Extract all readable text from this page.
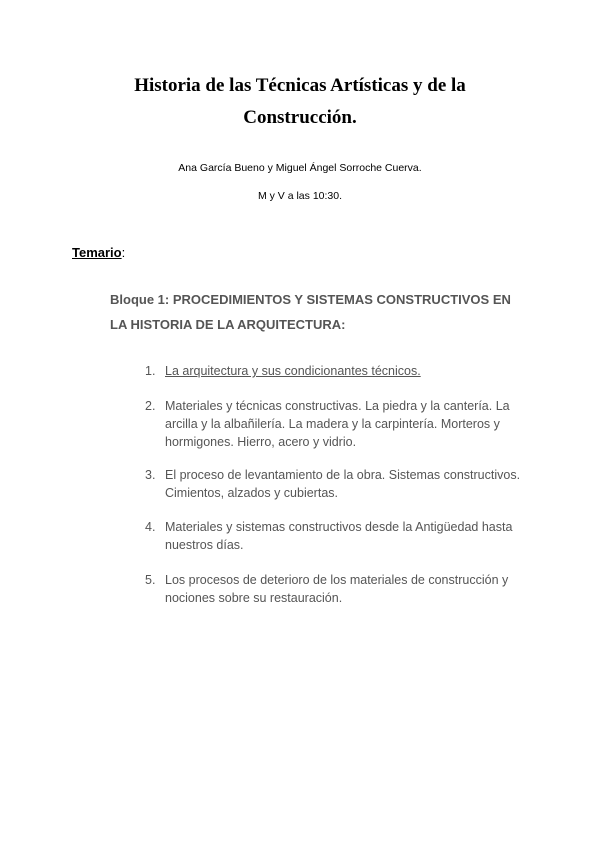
Historia de las Técnicas Artísticas y de la
Construcción.
Ana García Bueno y Miguel Ángel Sorroche Cuerva.
M y V a las 10:30.
Temario:
Bloque 1: PROCEDIMIENTOS Y SISTEMAS CONSTRUCTIVOS EN
LA HISTORIA DE LA ARQUITECTURA:
1. La arquitectura y sus condicionantes técnicos.
2. Materiales y técnicas constructivas. La piedra y la cantería. La arcilla y la albañilería. La madera y la carpintería. Morteros y hormigones. Hierro, acero y vidrio.
3. El proceso de levantamiento de la obra. Sistemas constructivos. Cimientos, alzados y cubiertas.
4. Materiales y sistemas constructivos desde la Antigüedad hasta nuestros días.
5. Los procesos de deterioro de los materiales de construcción y nociones sobre su restauración.
